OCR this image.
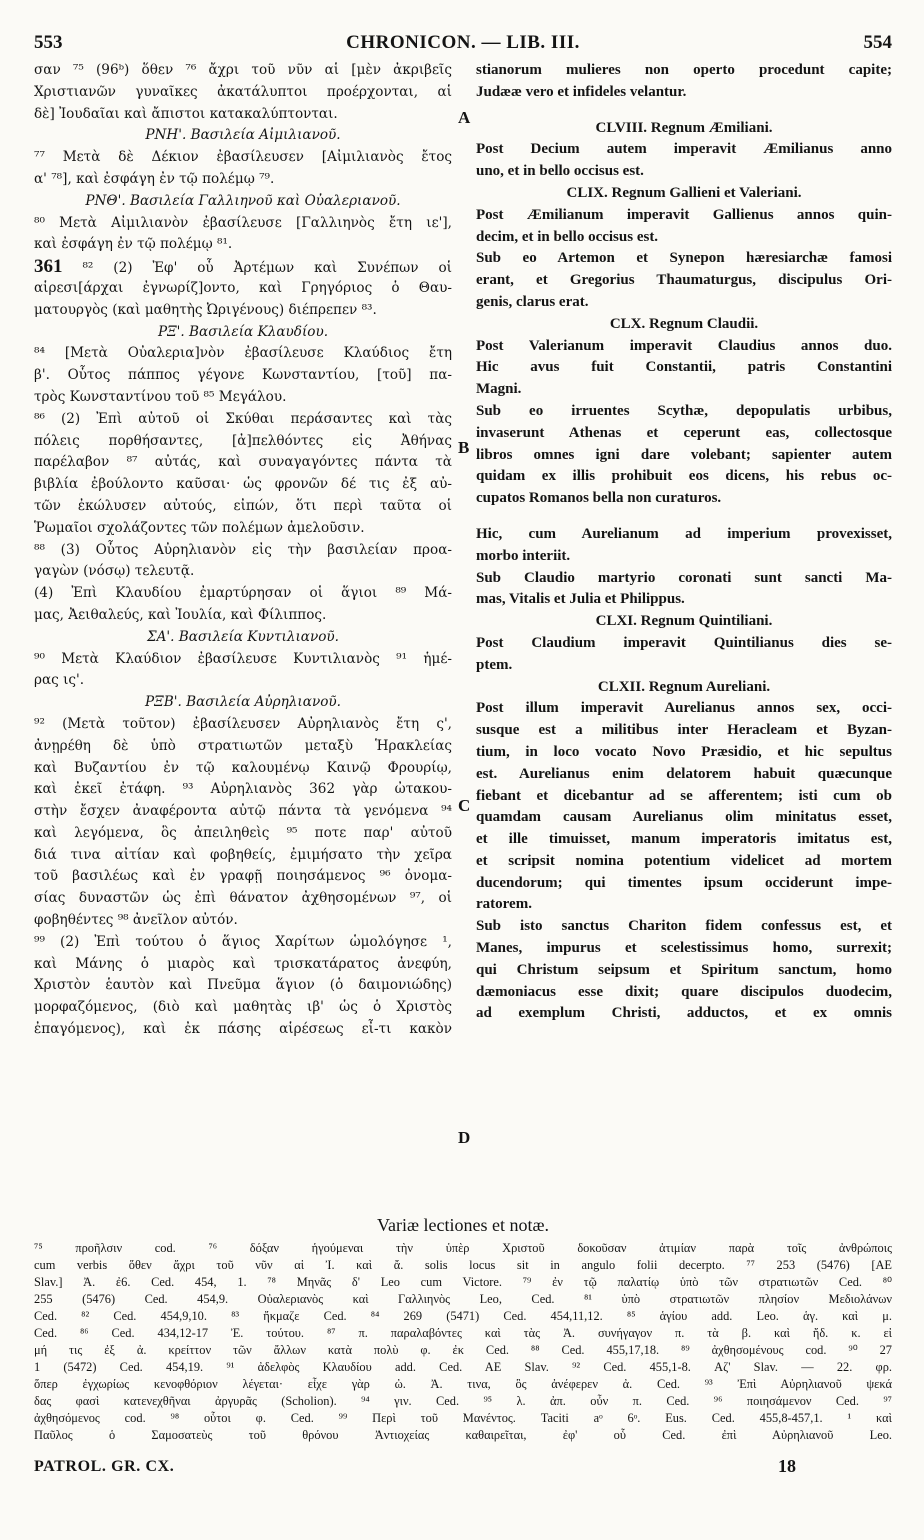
553	CHRONICON. — LIB. III.	554
σαν ⁷⁵ (96ᵇ) ὅθεν ⁷⁶ ἄχρι τοῦ νῦν αἱ [μὲν ἀκριβεῖς
Χριστιανῶν γυναῖκες ἀκατάλυπτοι προέρχονται, αἱ
δὲ] Ἰουδαῖαι καὶ ἄπιστοι κατακαλύπτονται.
ΡΝΗ'. Βασιλεία Αἰμιλιανοῦ.
⁷⁷ Μετὰ δὲ Δέκιον ἐβασίλευσεν [Αἰμιλιανὸς ἔτος
α' ⁷⁸], καὶ ἐσφάγη ἐν τῷ πολέμῳ ⁷⁹.
ΡΝΘ'. Βασιλεία Γαλλιηνοῦ καὶ Οὐαλεριανοῦ.
⁸⁰ Μετὰ Αἰμιλιανὸν ἐβασίλευσε [Γαλλιηνὸς ἔτη ιε'],
καὶ ἐσφάγη ἐν τῷ πολέμῳ ⁸¹.
361 ⁸² (2) Ἐφ' οὗ Ἀρτέμων καὶ Συνέπων οἱ
αἱρεσι[άρχαι ἐγνωρίζ]οντο, καὶ Γρηγόριος ὁ Θαυ-
ματουργὸς (καὶ μαθητὴς Ὠριγένους) διέπρεπεν ⁸³.
ΡΞ'. Βασιλεία Κλαυδίου.
⁸⁴ [Μετὰ Οὐαλερια]νὸν ἐβασίλευσε Κλαύδιος ἔτη
β'. Οὗτος πάππος γέγονε Κωνσταντίου, [τοῦ] πα-
τρὸς Κωνσταντίνου τοῦ ⁸⁵ Μεγάλου.
⁸⁶ (2) Ἐπὶ αὐτοῦ οἱ Σκύθαι περάσαντες καὶ τὰς
πόλεις πορθήσαντες, [ἀ]πελθόντες εἰς Ἀθήνας
παρέλαβον ⁸⁷ αὐτάς, καὶ συναγαγόντες πάντα τὰ
βιβλία ἐβούλοντο καῦσαι· ὡς φρονῶν δέ τις ἐξ αὐ-
τῶν ἐκώλυσεν αὐτούς, εἰπών, ὅτι περὶ ταῦτα οἱ
Ῥωμαῖοι σχολάζοντες τῶν πολέμων ἀμελοῦσιν.
⁸⁸ (3) Οὗτος Αὐρηλιανὸν εἰς τὴν βασιλείαν προα-
γαγὼν (νόσῳ) τελευτᾷ.
(4) Ἐπὶ Κλαυδίου ἐμαρτύρησαν οἱ ἅγιοι ⁸⁹ Μά-
μας, Ἀειθαλεύς, καὶ Ἰουλία, καὶ Φίλιππος.
ΣΑ'. Βασιλεία Κυντιλιανοῦ.
⁹⁰ Μετὰ Κλαύδιον ἐβασίλευσε Κυντιλιανὸς ⁹¹ ἡμέ-
ρας ις'.
ΡΞΒ'. Βασιλεία Αὐρηλιανοῦ.
⁹² (Μετὰ τοῦτον) ἐβασίλευσεν Αὐρηλιανὸς ἔτη ς',
ἀνῃρέθη δὲ ὑπὸ στρατιωτῶν μεταξὺ Ἡρακλείας
καὶ Βυζαντίου ἐν τῷ καλουμένῳ Καινῷ Φρουρίῳ,
καὶ ἐκεῖ ἐτάφη. ⁹³ Αὐρηλιανὸς 362 γὰρ ὠτακου-
στὴν ἔσχεν ἀναφέροντα αὐτῷ πάντα τὰ γενόμενα ⁹⁴
καὶ λεγόμενα, ὃς ἀπειληθεὶς ⁹⁵ ποτε παρ' αὐτοῦ
διά τινα αἰτίαν καὶ φοβηθείς, ἐμιμήσατο τὴν χεῖρα
τοῦ βασιλέως καὶ ἐν γραφῇ ποιησάμενος ⁹⁶ ὀνομα-
σίας δυναστῶν ὡς ἐπὶ θάνατον ἀχθησομένων ⁹⁷, οἱ
φοβηθέντες ⁹⁸ ἀνεῖλον αὐτόν.
⁹⁹ (2) Ἐπὶ τούτου ὁ ἅγιος Χαρίτων ὡμολόγησε ¹,
καὶ Μάνης ὁ μιαρὸς καὶ τρισκατάρατος ἀνεφύη,
Χριστὸν ἑαυτὸν καὶ Πνεῦμα ἅγιον (ὁ δαιμονιώδης)
μορφαζόμενος, (διὸ καὶ μαθητὰς ιβ' ὡς ὁ Χριστὸς
ἐπαγόμενος), καὶ ἐκ πάσης αἱρέσεως εἶ-τι κακὸν
stianorum mulieres non operto procedunt capite;
Judææ vero et infideles velantur.
CLVIII. Regnum Æmiliani.
Post Decium autem imperavit Æmilianus anno
uno, et in bello occisus est.
CLIX. Regnum Gallieni et Valeriani.
Post Æmilianum imperavit Gallienus annos quin-
decim, et in bello occisus est.
Sub eo Artemon et Synepon hæresiarchæ famosi
erant, et Gregorius Thaumaturgus, discipulus Ori-
genis, clarus erat.
CLX. Regnum Claudii.
Post Valerianum imperavit Claudius annos duo.
Hic avus fuit Constantii, patris Constantini
Magni.
Sub eo irruentes Scythæ, depopulatis urbibus,
invaserunt Athenas et ceperunt eas, collectosque
libros omnes igni dare volebant; sapienter autem
quidam ex illis prohibuit eos dicens, his rebus oc-
cupatos Romanos bella non curaturos.
Hic, cum Aurelianum ad imperium provexisset,
morbo interiit.
Sub Claudio martyrio coronati sunt sancti Ma-
mas, Vitalis et Julia et Philippus.
CLXI. Regnum Quintiliani.
Post Claudium imperavit Quintilianus dies se-
ptem.
CLXII. Regnum Aureliani.
Post illum imperavit Aurelianus annos sex, occi-
susque est a militibus inter Heracleam et Byzan-
tium, in loco vocato Novo Præsidio, et hic sepultus
est. Aurelianus enim delatorem habuit quæcunque
fiebant et dicebantur ad se afferentem; isti cum ob
quamdam causam Aurelianus olim minitatus esset,
et ille timuisset, manum imperatoris imitatus est,
et scripsit nomina potentium videlicet ad mortem
ducendorum; qui timentes ipsum occiderunt impe-
ratorem.
Sub isto sanctus Chariton fidem confessus est, et
Manes, impurus et scelestissimus homo, surrexit;
qui Christum seipsum et Spiritum sanctum, homo
dæmoniacus esse dixit; quare discipulos duodecim,
ad exemplum Christi, adductos, et ex omnis
A
B
C
D
Variæ lectiones et notæ.
⁷⁵ προῆλσιν cod. ⁷⁶ δόξαν ἡγούμεναι τὴν ὑπὲρ Χριστοῦ δοκοῦσαν ἀτιμίαν παρὰ τοῖς ἀνθρώποις
cum verbis ὅθεν ἄχρι τοῦ νῦν αἱ Ἰ. καὶ ἄ. solis locus sit in angulo folii decerpto. ⁷⁷ 253 (5476) [AE
Slav.] Ἀ. ἐ6. Ced. 454, 1. ⁷⁸ Μηνᾶς δ' Leo cum Victore. ⁷⁹ ἐν τῷ παλατίῳ ὑπὸ τῶν στρατιωτῶν Ced. ⁸⁰
255 (5476) Ced. 454,9. Οὐαλεριανὸς καὶ Γαλλιηνὸς Leo, Ced. ⁸¹ ὑπὸ στρατιωτῶν πλησίον Μεδιολάνων
Ced. ⁸² Ced. 454,9,10. ⁸³ ἤκμαζε Ced. ⁸⁴ 269 (5471) Ced. 454,11,12. ⁸⁵ ἁγίου add. Leo. ἁγ. καὶ μ.
Ced. ⁸⁶ Ced. 434,12-17 Ἐ. τούτου. ⁸⁷ π. παραλαβόντες καὶ τὰς Ἀ. συνήγαγον π. τὰ β. καὶ ἤδ. κ. εἰ
μή τις ἐξ ἀ. κρείττον τῶν ἄλλων κατὰ πολὺ φ. ἐκ Ced. ⁸⁸ Ced. 455,17,18. ⁸⁹ ἀχθησομένους cod. ⁹⁰ 27
1 (5472) Ced. 454,19. ⁹¹ ἀδελφὸς Κλαυδίου add. Ced. AE Slav. ⁹² Ced. 455,1-8. Αζ' Slav. — 22. φρ.
ὅπερ ἐγχωρίως κενοφθόριον λέγεται· εἶχε γὰρ ὠ. Ἀ. τινα, ὃς ἀνέφερεν ἀ. Ced. ⁹³ Ἐπὶ Αὐρηλιανοῦ ψεκά
δας φασὶ κατενεχθῆναι ἀργυρᾶς (Scholion). ⁹⁴ γιν. Ced. ⁹⁵ λ. ἀπ. οὖν π. Ced. ⁹⁶ ποιησάμενον Ced. ⁹⁷
ἀχθησόμενος cod. ⁹⁸ οὗτοι φ. Ced. ⁹⁹ Περὶ τοῦ Μανέντος. Taciti aᵒ 6ᵒ. Eus. Ced. 455,8-457,1. ¹ καὶ
Παῦλος ὁ Σαμοσατεὺς τοῦ θρόνου Ἀντιοχείας καθαιρεῖται, ἐφ' οὗ Ced. ἐπὶ Αὐρηλιανοῦ Leo.
PATROL. GR. CX.	18
